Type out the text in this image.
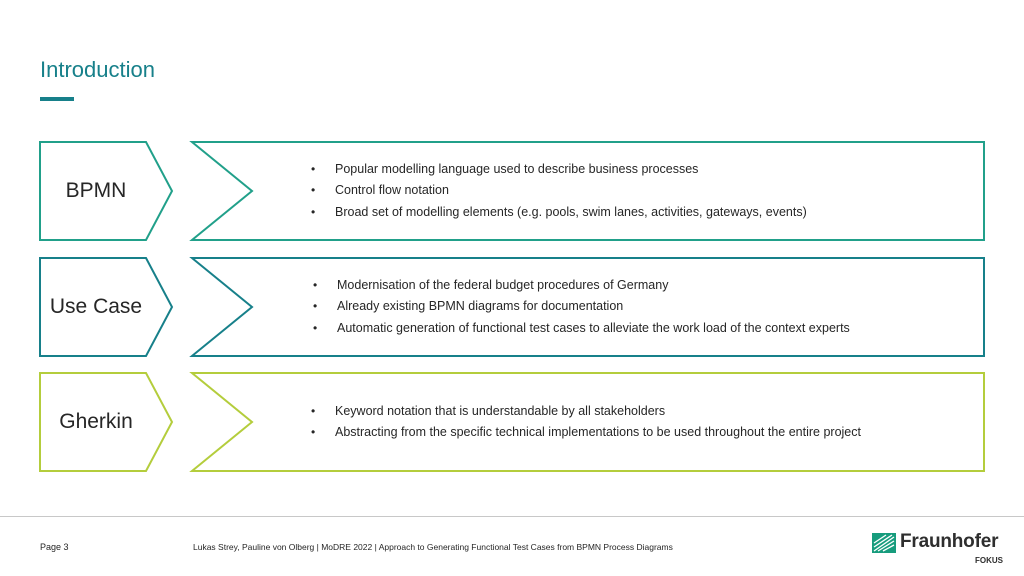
Introduction
BPMN
• Popular modelling language used to describe business processes
• Control flow notation
• Broad set of modelling elements (e.g. pools, swim lanes, activities, gateways, events)
Use Case
• Modernisation of the federal budget procedures of Germany
• Already existing BPMN diagrams for documentation
• Automatic generation of functional test cases to alleviate the work load of the context experts
Gherkin	• Keyword notation that is understandable by all stakeholders
• Abstracting from the specific technical implementations to be used throughout the entire project
Page 3	Lukas Strey, Pauline von Olberg | MoDRE 2022 | Approach to Generating Functional Test Cases from BPMN Process Diagrams	Fraunhofer
FOKUS
